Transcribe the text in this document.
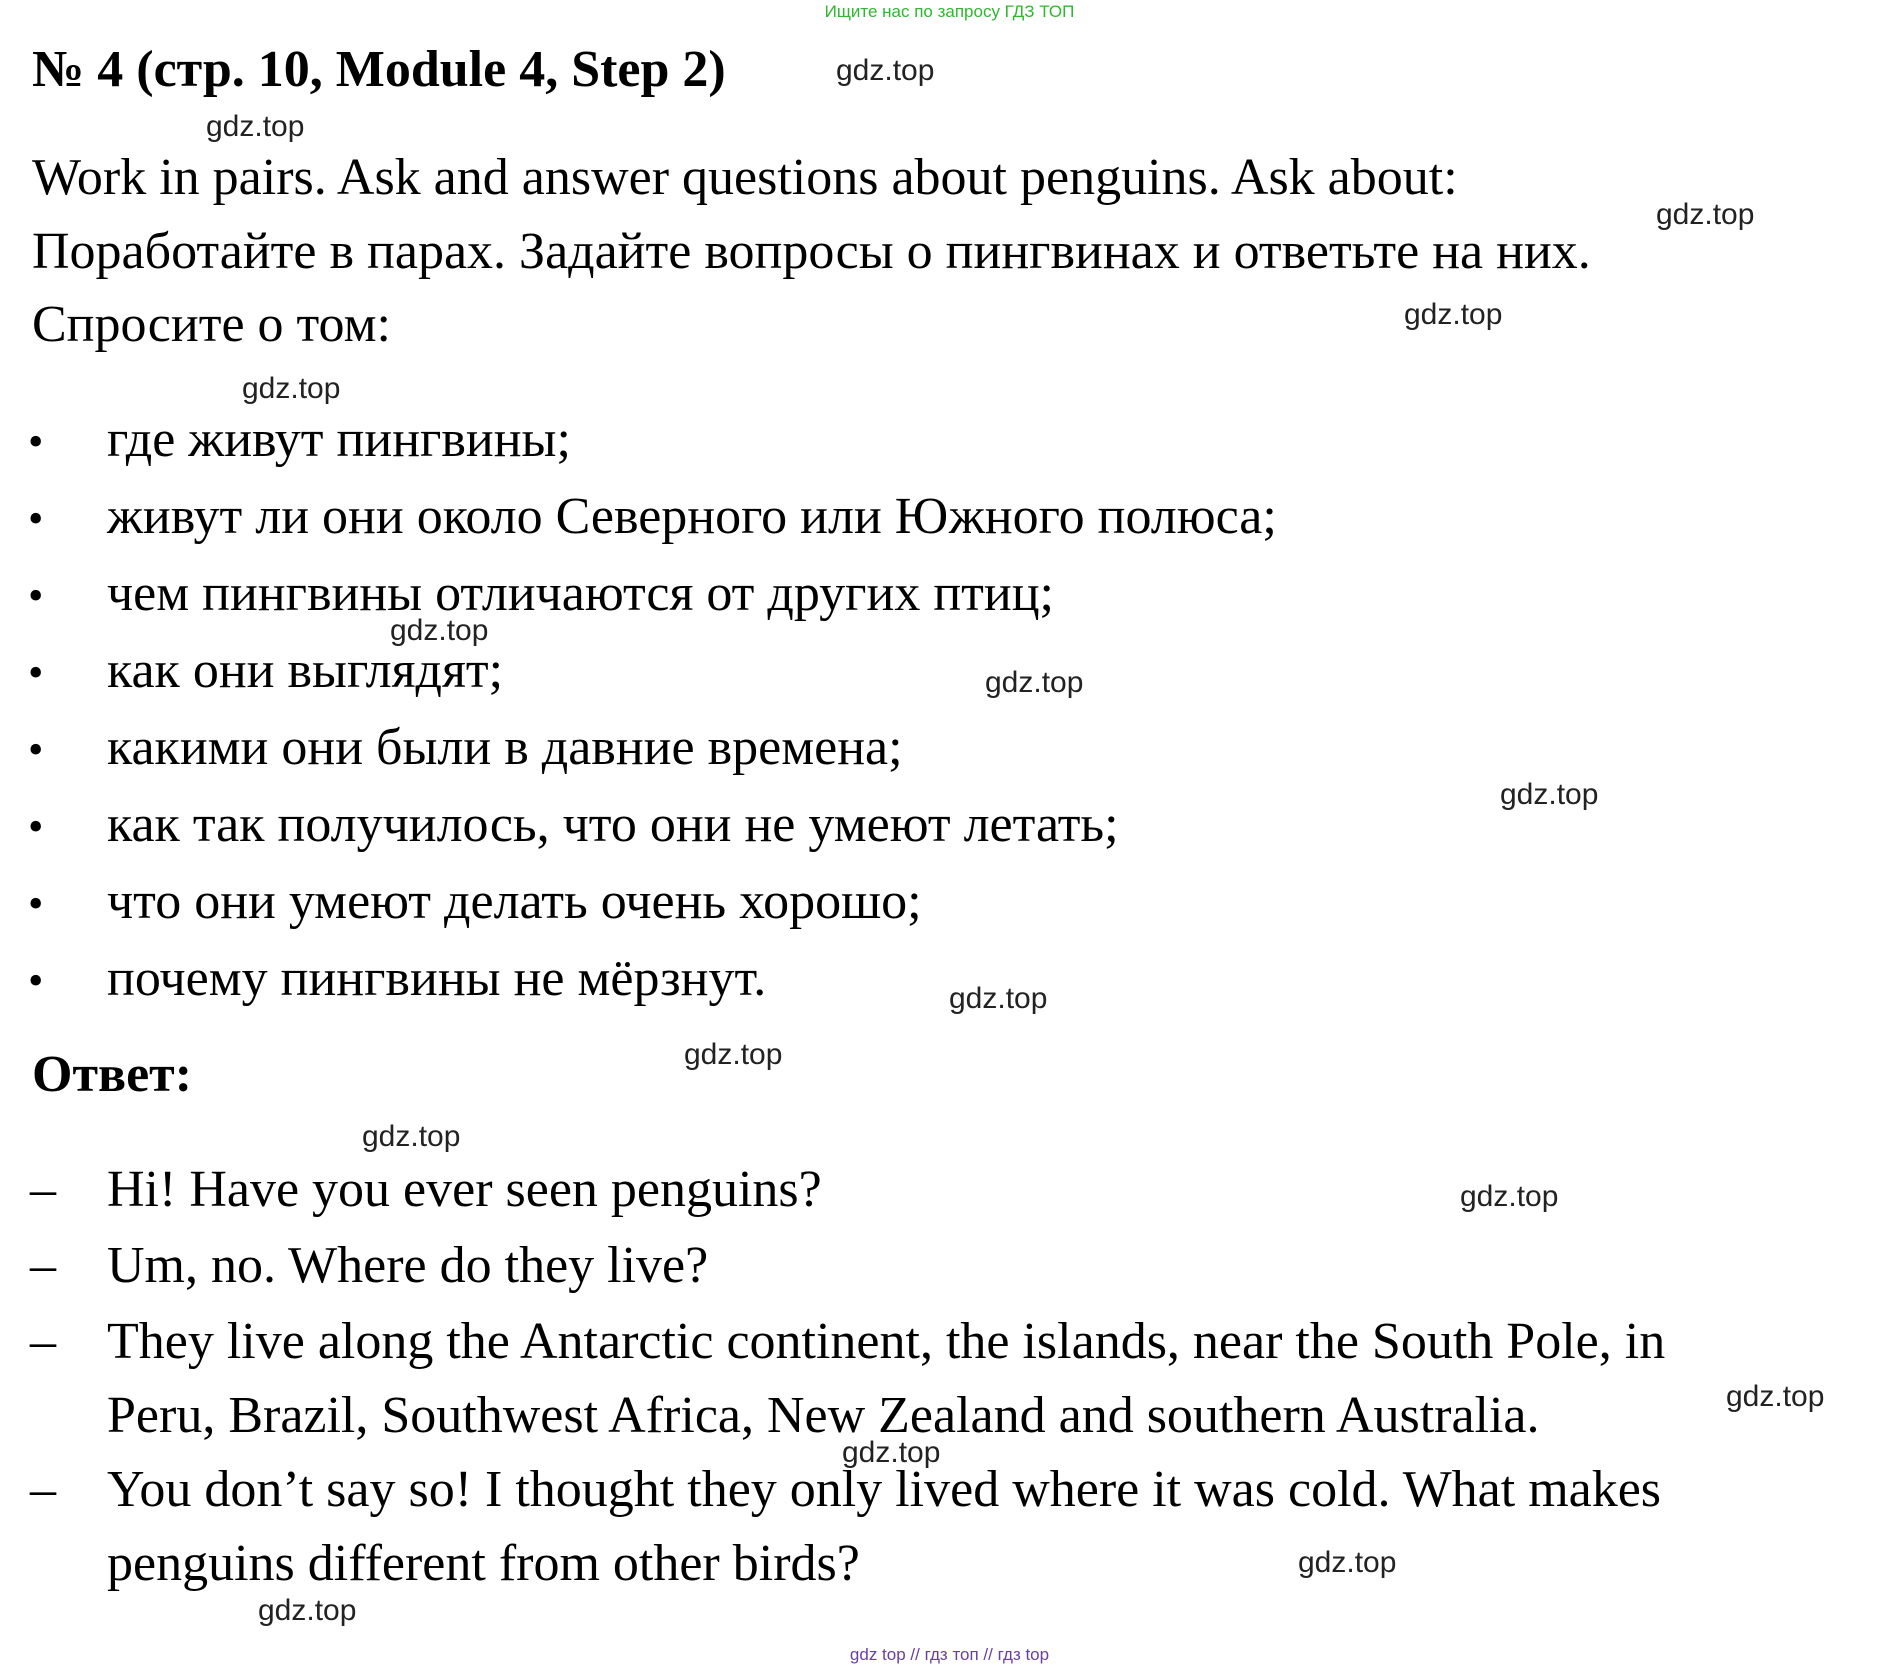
Ищите нас по запросу ГДЗ ТОП
№ 4 (стр. 10, Module 4, Step 2)
Work in pairs. Ask and answer questions about penguins. Ask about:
Поработайте в парах. Задайте вопросы о пингвинах и ответьте на них.
Спросите о том:
• где живут пингвины;
• живут ли они около Северного или Южного полюса;
• чем пингвины отличаются от других птиц;
• как они выглядят;
• какими они были в давние времена;
• как так получилось, что они не умеют летать;
• что они умеют делать очень хорошо;
• почему пингвины не мёрзнут.
Ответ:
– Hi! Have you ever seen penguins?
– Um, no. Where do they live?
– They live along the Antarctic continent, the islands, near the South Pole, in
Peru, Brazil, Southwest Africa, New Zealand and southern Australia.
– You don’t say so! I thought they only lived where it was cold. What makes
penguins different from other birds?
gdz.top
gdz.top
gdz.top
gdz.top
gdz.top
gdz.top
gdz.top
gdz.top
gdz.top
gdz.top
gdz.top
gdz.top
gdz.top
gdz.top
gdz.top
gdz.top
gdz top // гдз топ // гдз top
